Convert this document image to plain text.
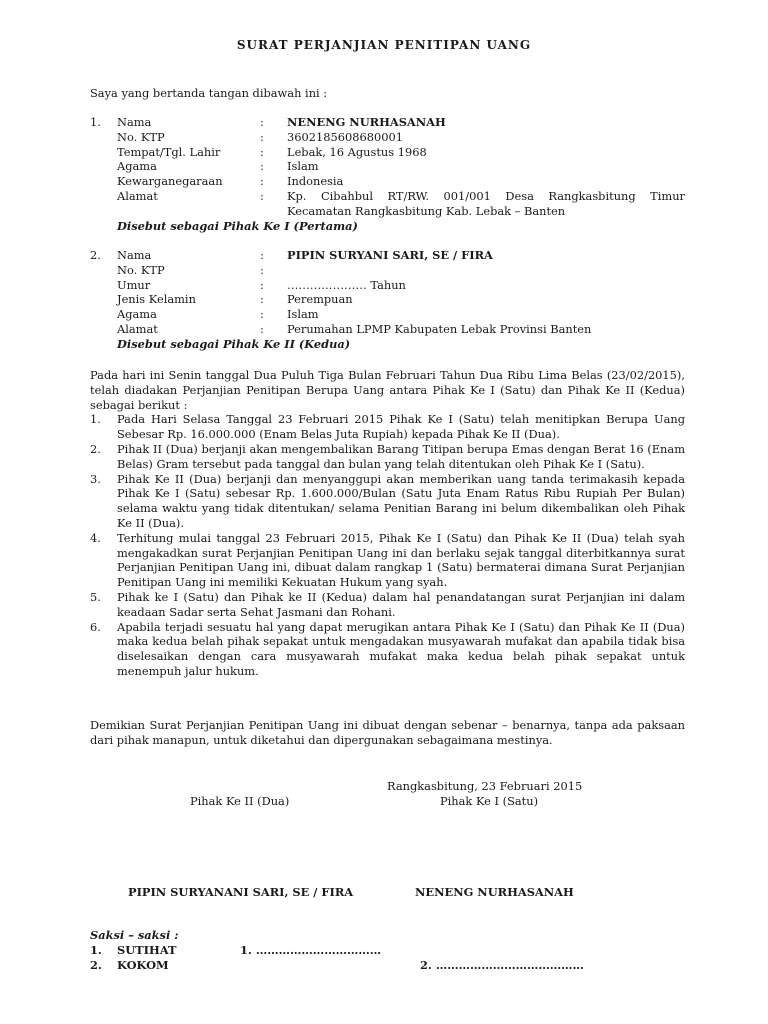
SURAT PERJANJIAN PENITIPAN UANG
Saya yang bertanda tangan dibawah ini :
1.	Nama	:	NENENG NURHASANAH
No. KTP	:	3602185608680001
Tempat/Tgl. Lahir	:	Lebak, 16 Agustus 1968
Agama	:	Islam
Kewarganegaraan	:	Indonesia
Alamat	:	Kp. Cibahbul RT/RW. 001/001 Desa Rangkasbitung Timur Kecamatan Rangkasbitung Kab. Lebak – Banten
Disebut sebagai Pihak Ke I (Pertama)
2.	Nama	:	PIPIN SURYANI SARI, SE / FIRA
No. KTP	:
Umur	:	………………… Tahun
Jenis Kelamin	:	Perempuan
Agama	:	Islam
Alamat	:	Perumahan LPMP Kabupaten Lebak Provinsi Banten
Disebut sebagai Pihak Ke II (Kedua)
Pada hari ini Senin tanggal Dua Puluh Tiga Bulan Februari Tahun Dua Ribu Lima Belas (23/02/2015), telah diadakan Perjanjian Penitipan Berupa Uang antara Pihak Ke I (Satu) dan Pihak Ke II (Kedua) sebagai berikut :
1.	Pada Hari Selasa Tanggal 23 Februari 2015 Pihak Ke I (Satu) telah menitipkan Berupa Uang Sebesar Rp. 16.000.000 (Enam Belas Juta Rupiah) kepada Pihak Ke II (Dua).
2.	Pihak II (Dua) berjanji akan mengembalikan Barang Titipan berupa Emas dengan Berat 16 (Enam Belas) Gram tersebut pada tanggal dan bulan yang telah ditentukan oleh Pihak Ke I (Satu).
3.	Pihak Ke II (Dua) berjanji dan menyanggupi akan memberikan uang tanda terimakasih kepada Pihak Ke I (Satu) sebesar Rp. 1.600.000/Bulan (Satu Juta Enam Ratus Ribu Rupiah Per Bulan) selama waktu yang tidak ditentukan/ selama Penitian Barang ini belum dikembalikan oleh Pihak Ke II (Dua).
4.	Terhitung mulai tanggal 23 Februari 2015, Pihak Ke I (Satu) dan Pihak Ke II (Dua) telah syah mengakadkan surat Perjanjian Penitipan Uang ini dan berlaku sejak tanggal diterbitkannya surat Perjanjian Penitipan Uang ini, dibuat dalam rangkap 1 (Satu) bermaterai dimana Surat Perjanjian Penitipan Uang ini memiliki Kekuatan Hukum yang syah.
5.	Pihak ke I (Satu) dan Pihak ke II (Kedua) dalam hal penandatangan surat Perjanjian ini dalam keadaan Sadar serta Sehat Jasmani dan Rohani.
6.	Apabila terjadi sesuatu hal yang dapat merugikan antara Pihak Ke I (Satu) dan Pihak Ke II (Dua) maka kedua belah pihak sepakat untuk mengadakan musyawarah mufakat dan apabila tidak bisa diselesaikan dengan cara musyawarah mufakat maka kedua belah pihak sepakat untuk menempuh jalur hukum.
Demikian Surat Perjanjian Penitipan Uang ini dibuat dengan sebenar – benarnya, tanpa ada paksaan dari pihak manapun, untuk diketahui dan dipergunakan sebagaimana mestinya.
Rangkasbitung, 23 Februari 2015
Pihak Ke II (Dua)	Pihak Ke I (Satu)
PIPIN SURYANANI SARI, SE / FIRA	NENENG NURHASANAH
Saksi – saksi :
1. SUTIHAT	1. ……………………………
2. KOKOM	2. …………………………………
